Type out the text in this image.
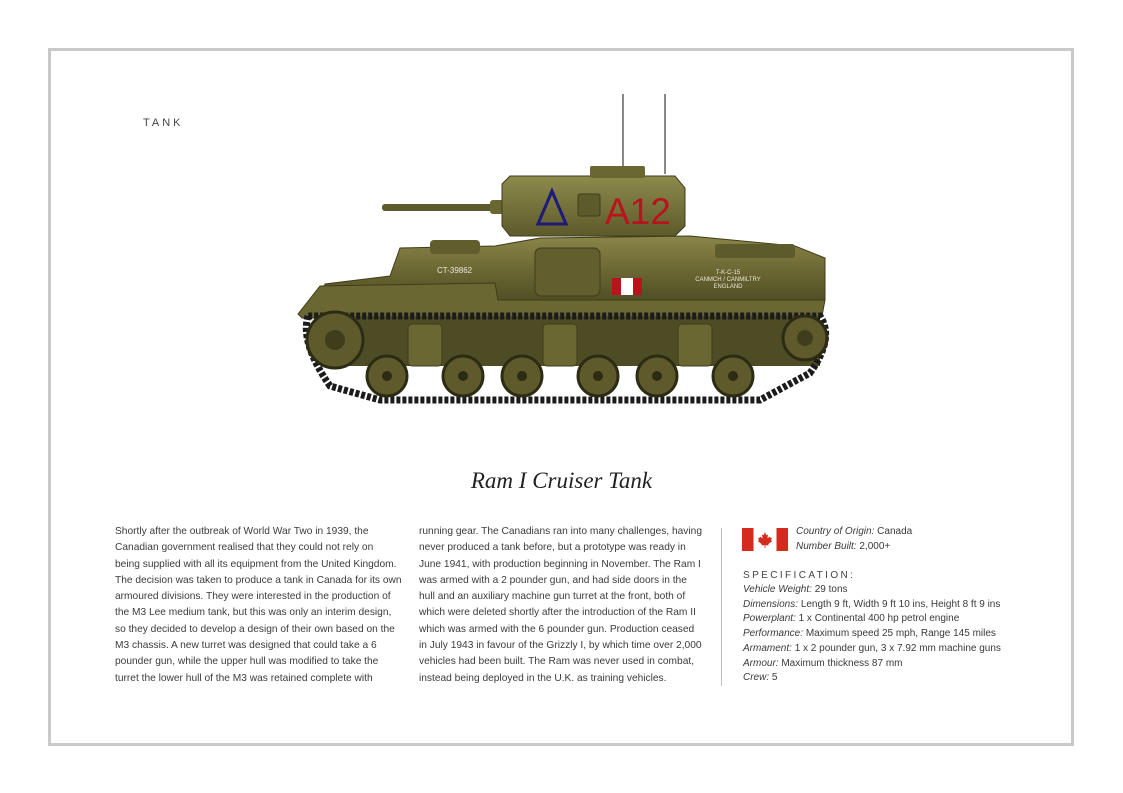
TANK
A12
CT-39862	T-K-C-15
CANMCH / CANMILTRY
ENGLAND
Ram I Cruiser Tank
Shortly after the outbreak of World War Two in 1939, the
Canadian government realised that they could not rely on
being supplied with all its equipment from the United Kingdom.
The decision was taken to produce a tank in Canada for its own
armoured divisions. They were interested in the production of
the M3 Lee medium tank, but this was only an interim design,
so they decided to develop a design of their own based on the
M3 chassis. A new turret was designed that could take a 6
pounder gun, while the upper hull was modified to take the
turret the lower hull of the M3 was retained complete with
running gear. The Canadians ran into many challenges, having
never produced a tank before, but a prototype was ready in
June 1941, with production beginning in November. The Ram I
was armed with a 2 pounder gun, and had side doors in the
hull and an auxiliary machine gun turret at the front, both of
which were deleted shortly after the introduction of the Ram II
which was armed with the 6 pounder gun. Production ceased
in July 1943 in favour of the Grizzly I, by which time over 2,000
vehicles had been built. The Ram was never used in combat,
instead being deployed in the U.K. as training vehicles.
Country of Origin: Canada
Number Built: 2,000+
SPECIFICATION:
Vehicle Weight: 29 tons
Dimensions: Length 9 ft, Width 9 ft 10 ins, Height 8 ft 9 ins
Powerplant: 1 x Continental 400 hp petrol engine
Performance: Maximum speed 25 mph, Range 145 miles
Armament: 1 x 2 pounder gun, 3 x 7.92 mm machine guns
Armour: Maximum thickness 87 mm
Crew: 5
